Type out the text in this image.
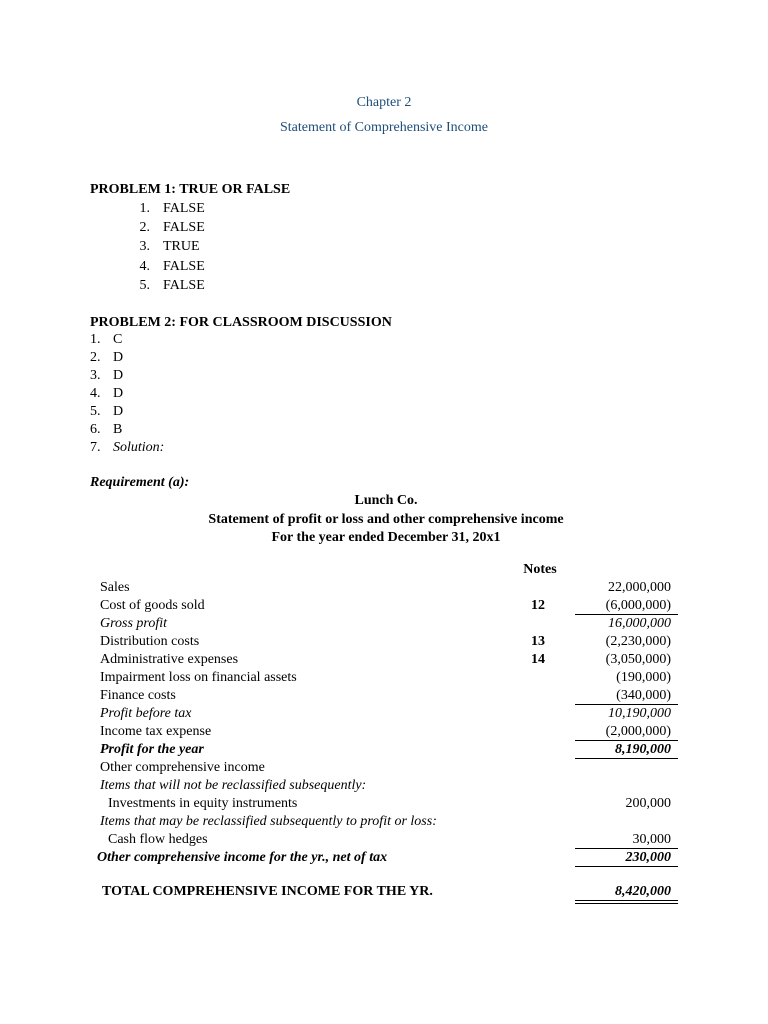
Chapter 2
Statement of Comprehensive Income
PROBLEM 1: TRUE OR FALSE
1. FALSE
2. FALSE
3. TRUE
4. FALSE
5. FALSE
PROBLEM 2: FOR CLASSROOM DISCUSSION
1. C
2. D
3. D
4. D
5. D
6. B
7. Solution:
Requirement (a):
Lunch Co.
Statement of profit or loss and other comprehensive income
For the year ended December 31, 20x1
Notes
Sales	22,000,000
Cost of goods sold	12	(6,000,000)
Gross profit	16,000,000
Distribution costs	13	(2,230,000)
Administrative expenses	14	(3,050,000)
Impairment loss on financial assets	(190,000)
Finance costs	(340,000)
Profit before tax	10,190,000
Income tax expense	(2,000,000)
Profit for the year	8,190,000
Other comprehensive income
Items that will not be reclassified subsequently:
Investments in equity instruments	200,000
Items that may be reclassified subsequently to profit or loss:
Cash flow hedges	30,000
Other comprehensive income for the yr., net of tax	230,000
TOTAL COMPREHENSIVE INCOME FOR THE YR.	8,420,000
